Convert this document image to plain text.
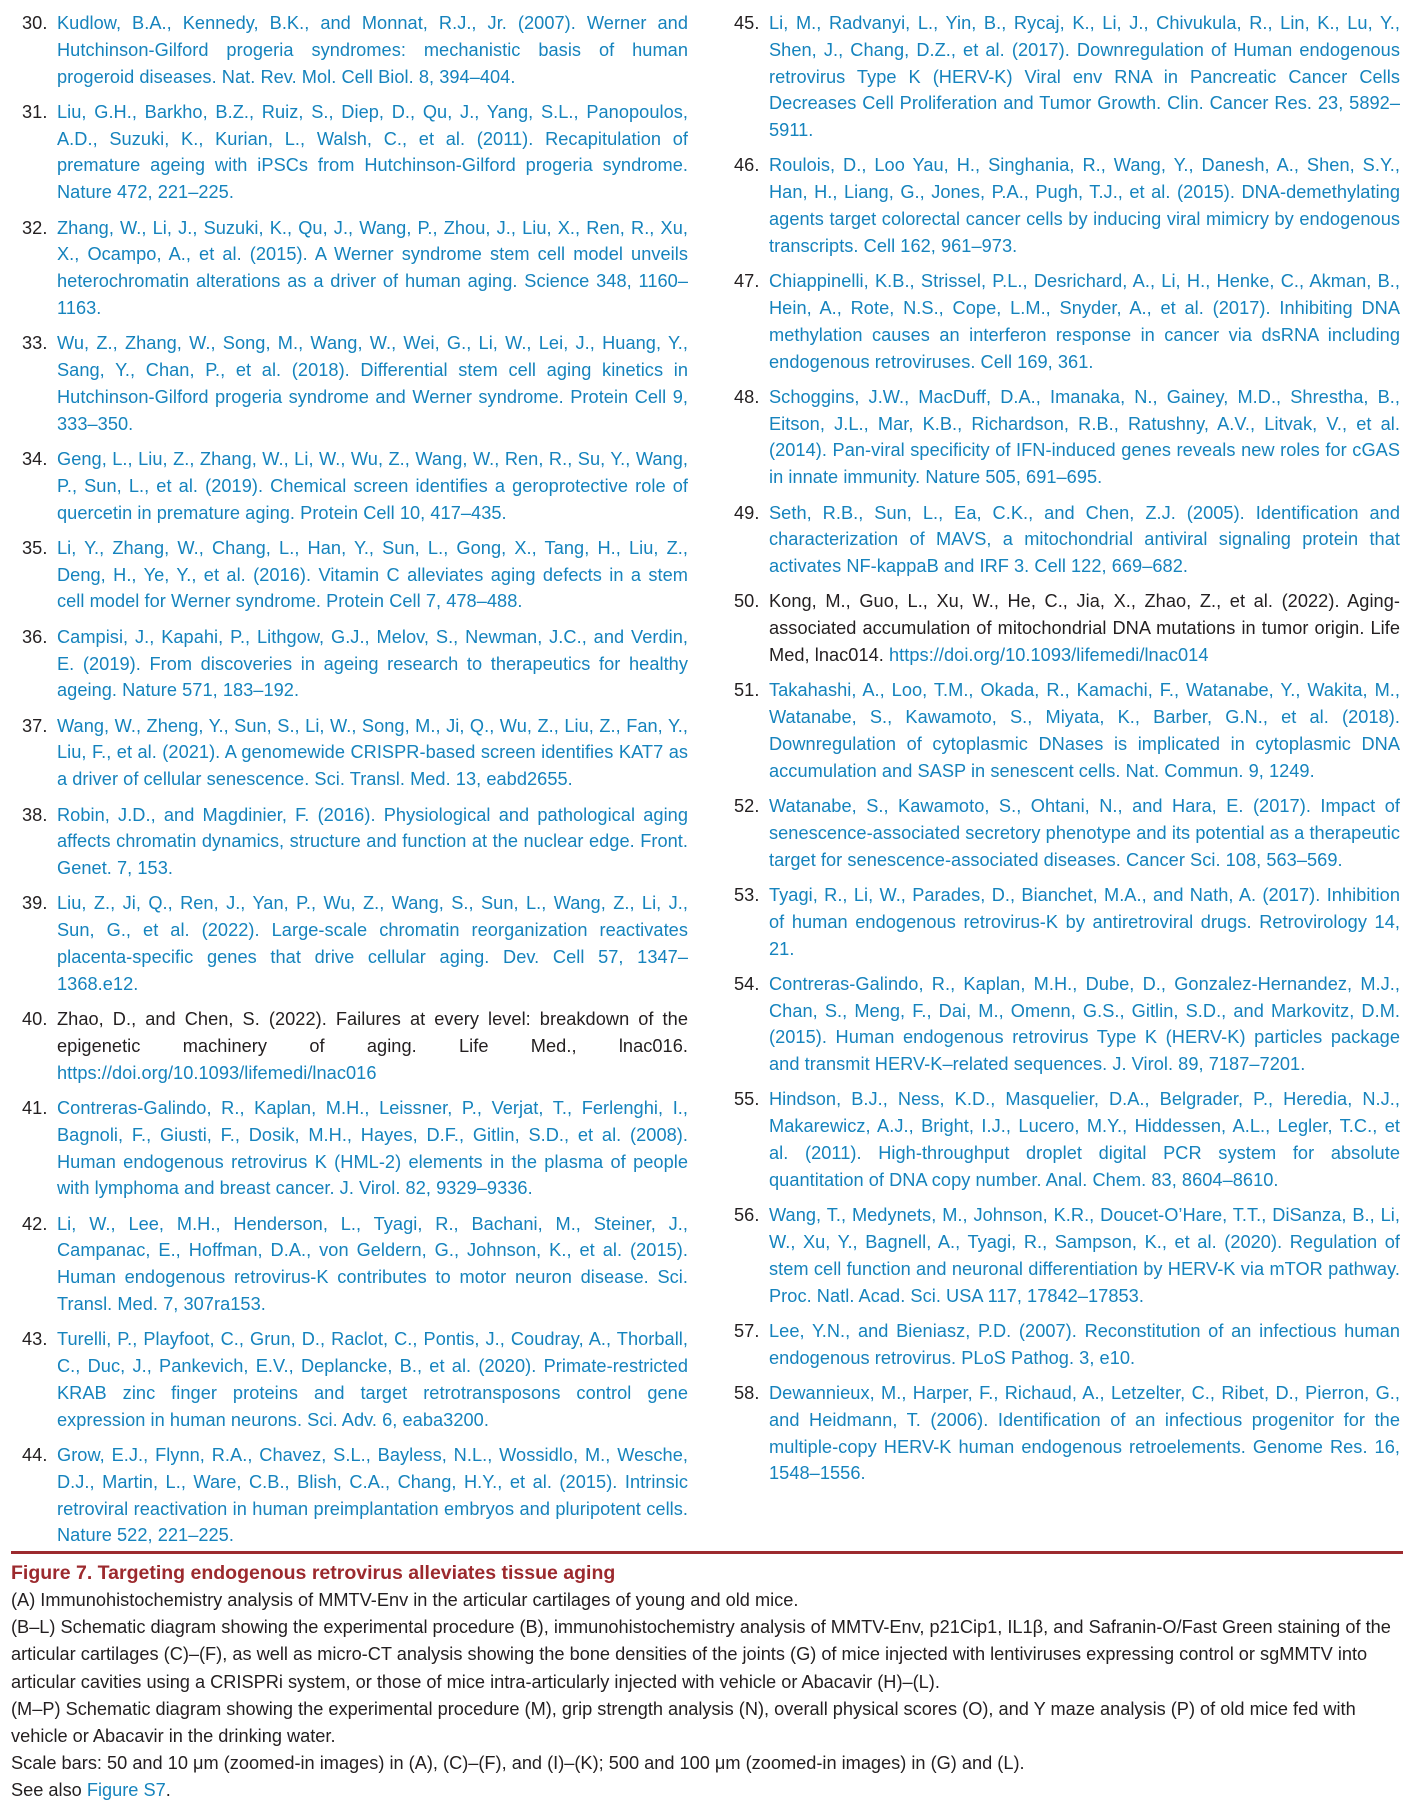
30. Kudlow, B.A., Kennedy, B.K., and Monnat, R.J., Jr. (2007). Werner and Hutchinson-Gilford progeria syndromes: mechanistic basis of human progeroid diseases. Nat. Rev. Mol. Cell Biol. 8, 394–404.
31. Liu, G.H., Barkho, B.Z., Ruiz, S., Diep, D., Qu, J., Yang, S.L., Panopoulos, A.D., Suzuki, K., Kurian, L., Walsh, C., et al. (2011). Recapitulation of premature ageing with iPSCs from Hutchinson-Gilford progeria syndrome. Nature 472, 221–225.
32. Zhang, W., Li, J., Suzuki, K., Qu, J., Wang, P., Zhou, J., Liu, X., Ren, R., Xu, X., Ocampo, A., et al. (2015). A Werner syndrome stem cell model unveils heterochromatin alterations as a driver of human aging. Science 348, 1160–1163.
33. Wu, Z., Zhang, W., Song, M., Wang, W., Wei, G., Li, W., Lei, J., Huang, Y., Sang, Y., Chan, P., et al. (2018). Differential stem cell aging kinetics in Hutchinson-Gilford progeria syndrome and Werner syndrome. Protein Cell 9, 333–350.
34. Geng, L., Liu, Z., Zhang, W., Li, W., Wu, Z., Wang, W., Ren, R., Su, Y., Wang, P., Sun, L., et al. (2019). Chemical screen identifies a geroprotective role of quercetin in premature aging. Protein Cell 10, 417–435.
35. Li, Y., Zhang, W., Chang, L., Han, Y., Sun, L., Gong, X., Tang, H., Liu, Z., Deng, H., Ye, Y., et al. (2016). Vitamin C alleviates aging defects in a stem cell model for Werner syndrome. Protein Cell 7, 478–488.
36. Campisi, J., Kapahi, P., Lithgow, G.J., Melov, S., Newman, J.C., and Verdin, E. (2019). From discoveries in ageing research to therapeutics for healthy ageing. Nature 571, 183–192.
37. Wang, W., Zheng, Y., Sun, S., Li, W., Song, M., Ji, Q., Wu, Z., Liu, Z., Fan, Y., Liu, F., et al. (2021). A genomewide CRISPR-based screen identifies KAT7 as a driver of cellular senescence. Sci. Transl. Med. 13, eabd2655.
38. Robin, J.D., and Magdinier, F. (2016). Physiological and pathological aging affects chromatin dynamics, structure and function at the nuclear edge. Front. Genet. 7, 153.
39. Liu, Z., Ji, Q., Ren, J., Yan, P., Wu, Z., Wang, S., Sun, L., Wang, Z., Li, J., Sun, G., et al. (2022). Large-scale chromatin reorganization reactivates placenta-specific genes that drive cellular aging. Dev. Cell 57, 1347–1368.e12.
40. Zhao, D., and Chen, S. (2022). Failures at every level: breakdown of the epigenetic machinery of aging. Life Med., lnac016. https://doi.org/10.1093/lifemedi/lnac016
41. Contreras-Galindo, R., Kaplan, M.H., Leissner, P., Verjat, T., Ferlenghi, I., Bagnoli, F., Giusti, F., Dosik, M.H., Hayes, D.F., Gitlin, S.D., et al. (2008). Human endogenous retrovirus K (HML-2) elements in the plasma of people with lymphoma and breast cancer. J. Virol. 82, 9329–9336.
42. Li, W., Lee, M.H., Henderson, L., Tyagi, R., Bachani, M., Steiner, J., Campanac, E., Hoffman, D.A., von Geldern, G., Johnson, K., et al. (2015). Human endogenous retrovirus-K contributes to motor neuron disease. Sci. Transl. Med. 7, 307ra153.
43. Turelli, P., Playfoot, C., Grun, D., Raclot, C., Pontis, J., Coudray, A., Thorball, C., Duc, J., Pankevich, E.V., Deplancke, B., et al. (2020). Primate-restricted KRAB zinc finger proteins and target retrotransposons control gene expression in human neurons. Sci. Adv. 6, eaba3200.
44. Grow, E.J., Flynn, R.A., Chavez, S.L., Bayless, N.L., Wossidlo, M., Wesche, D.J., Martin, L., Ware, C.B., Blish, C.A., Chang, H.Y., et al. (2015). Intrinsic retroviral reactivation in human preimplantation embryos and pluripotent cells. Nature 522, 221–225.
45. Li, M., Radvanyi, L., Yin, B., Rycaj, K., Li, J., Chivukula, R., Lin, K., Lu, Y., Shen, J., Chang, D.Z., et al. (2017). Downregulation of Human endogenous retrovirus Type K (HERV-K) Viral env RNA in Pancreatic Cancer Cells Decreases Cell Proliferation and Tumor Growth. Clin. Cancer Res. 23, 5892–5911.
46. Roulois, D., Loo Yau, H., Singhania, R., Wang, Y., Danesh, A., Shen, S.Y., Han, H., Liang, G., Jones, P.A., Pugh, T.J., et al. (2015). DNA-demethylating agents target colorectal cancer cells by inducing viral mimicry by endogenous transcripts. Cell 162, 961–973.
47. Chiappinelli, K.B., Strissel, P.L., Desrichard, A., Li, H., Henke, C., Akman, B., Hein, A., Rote, N.S., Cope, L.M., Snyder, A., et al. (2017). Inhibiting DNA methylation causes an interferon response in cancer via dsRNA including endogenous retroviruses. Cell 169, 361.
48. Schoggins, J.W., MacDuff, D.A., Imanaka, N., Gainey, M.D., Shrestha, B., Eitson, J.L., Mar, K.B., Richardson, R.B., Ratushny, A.V., Litvak, V., et al. (2014). Pan-viral specificity of IFN-induced genes reveals new roles for cGAS in innate immunity. Nature 505, 691–695.
49. Seth, R.B., Sun, L., Ea, C.K., and Chen, Z.J. (2005). Identification and characterization of MAVS, a mitochondrial antiviral signaling protein that activates NF-kappaB and IRF 3. Cell 122, 669–682.
50. Kong, M., Guo, L., Xu, W., He, C., Jia, X., Zhao, Z., et al. (2022). Aging-associated accumulation of mitochondrial DNA mutations in tumor origin. Life Med, lnac014. https://doi.org/10.1093/lifemedi/lnac014
51. Takahashi, A., Loo, T.M., Okada, R., Kamachi, F., Watanabe, Y., Wakita, M., Watanabe, S., Kawamoto, S., Miyata, K., Barber, G.N., et al. (2018). Downregulation of cytoplasmic DNases is implicated in cytoplasmic DNA accumulation and SASP in senescent cells. Nat. Commun. 9, 1249.
52. Watanabe, S., Kawamoto, S., Ohtani, N., and Hara, E. (2017). Impact of senescence-associated secretory phenotype and its potential as a therapeutic target for senescence-associated diseases. Cancer Sci. 108, 563–569.
53. Tyagi, R., Li, W., Parades, D., Bianchet, M.A., and Nath, A. (2017). Inhibition of human endogenous retrovirus-K by antiretroviral drugs. Retrovirology 14, 21.
54. Contreras-Galindo, R., Kaplan, M.H., Dube, D., Gonzalez-Hernandez, M.J., Chan, S., Meng, F., Dai, M., Omenn, G.S., Gitlin, S.D., and Markovitz, D.M. (2015). Human endogenous retrovirus Type K (HERV-K) particles package and transmit HERV-K–related sequences. J. Virol. 89, 7187–7201.
55. Hindson, B.J., Ness, K.D., Masquelier, D.A., Belgrader, P., Heredia, N.J., Makarewicz, A.J., Bright, I.J., Lucero, M.Y., Hiddessen, A.L., Legler, T.C., et al. (2011). High-throughput droplet digital PCR system for absolute quantitation of DNA copy number. Anal. Chem. 83, 8604–8610.
56. Wang, T., Medynets, M., Johnson, K.R., Doucet-O’Hare, T.T., DiSanza, B., Li, W., Xu, Y., Bagnell, A., Tyagi, R., Sampson, K., et al. (2020). Regulation of stem cell function and neuronal differentiation by HERV-K via mTOR pathway. Proc. Natl. Acad. Sci. USA 117, 17842–17853.
57. Lee, Y.N., and Bieniasz, P.D. (2007). Reconstitution of an infectious human endogenous retrovirus. PLoS Pathog. 3, e10.
58. Dewannieux, M., Harper, F., Richaud, A., Letzelter, C., Ribet, D., Pierron, G., and Heidmann, T. (2006). Identification of an infectious progenitor for the multiple-copy HERV-K human endogenous retroelements. Genome Res. 16, 1548–1556.

Figure 7. Targeting endogenous retrovirus alleviates tissue aging

(A) Immunohistochemistry analysis of MMTV-Env in the articular cartilages of young and old mice.

(B–L) Schematic diagram showing the experimental procedure (B), immunohistochemistry analysis of MMTV-Env, p21Cip1, IL1β, and Safranin-O/Fast Green staining of the articular cartilages (C)–(F), as well as micro-CT analysis showing the bone densities of the joints (G) of mice injected with lentiviruses expressing control or sgMMTV into articular cavities using a CRISPRi system, or those of mice intra-articularly injected with vehicle or Abacavir (H)–(L).

(M–P) Schematic diagram showing the experimental procedure (M), grip strength analysis (N), overall physical scores (O), and Y maze analysis (P) of old mice fed with vehicle or Abacavir in the drinking water.

Scale bars: 50 and 10 μm (zoomed-in images) in (A), (C)–(F), and (I)–(K); 500 and 100 μm (zoomed-in images) in (G) and (L).

See also Figure S7.
